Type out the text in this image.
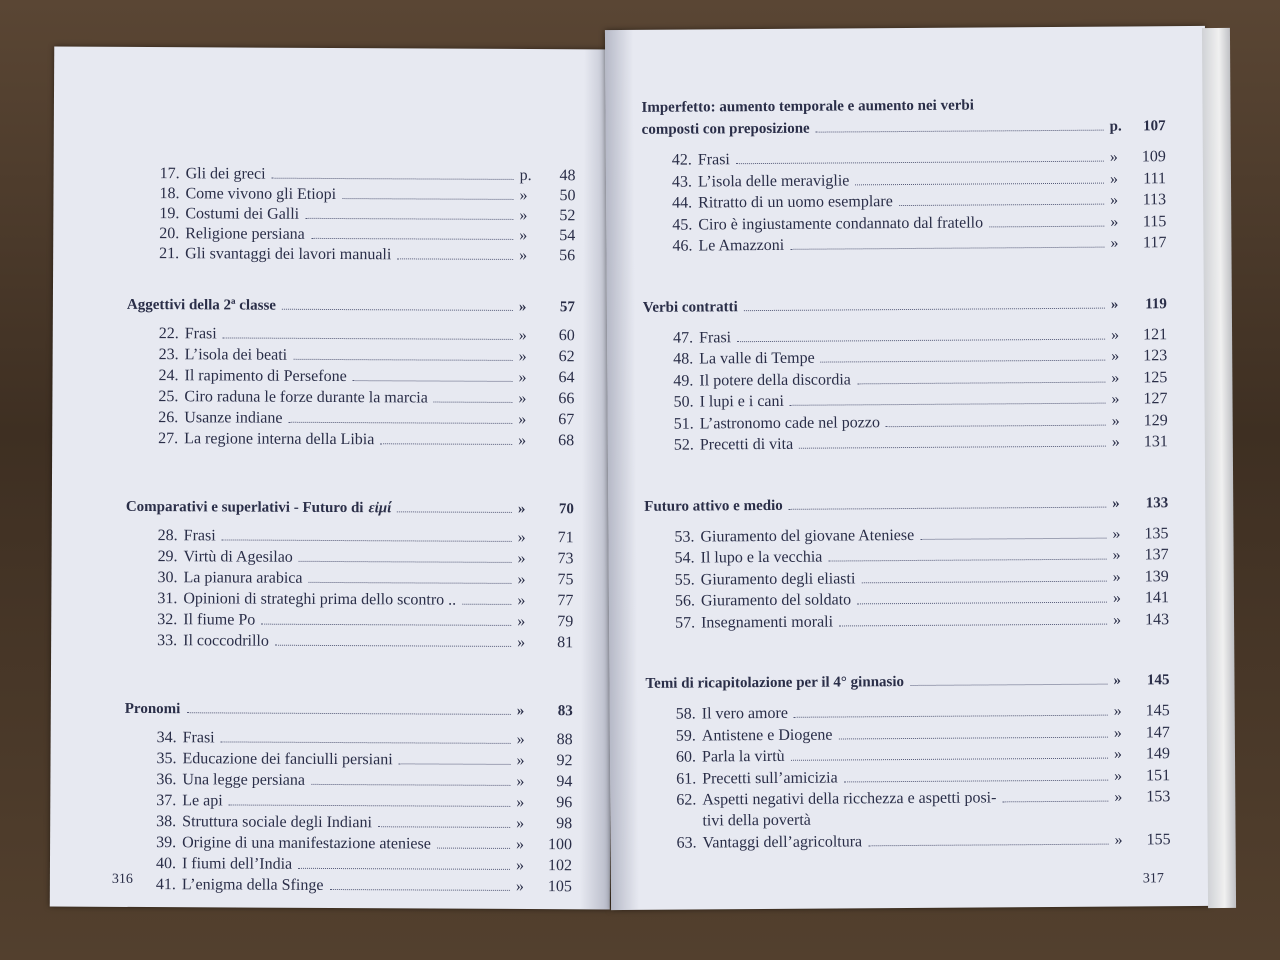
17. Gli dei greci	p.	48
18. Come vivono gli Etiopi	»	50
19. Costumi dei Galli	»	52
20. Religione persiana	»	54
21. Gli svantaggi dei lavori manuali	»	56
Aggettivi della 2ª classe	»	57
22. Frasi	»	60
23. L’isola dei beati	»	62
24. Il rapimento di Persefone	»	64
25. Ciro raduna le forze durante la marcia	»	66
26. Usanze indiane	»	67
27. La regione interna della Libia	»	68
Comparativi e superlativi - Futuro di εἰμί	»	70
28. Frasi	»	71
29. Virtù di Agesilao	»	73
30. La pianura arabica	»	75
31. Opinioni di strateghi prima dello scontro ..	»	77
32. Il fiume Po	»	79
33. Il coccodrillo	»	81
Pronomi	»	83
34. Frasi	»	88
35. Educazione dei fanciulli persiani	»	92
36. Una legge persiana	»	94
37. Le api	»	96
38. Struttura sociale degli Indiani	»	98
39. Origine di una manifestazione ateniese	»	100
40. I fiumi dell’India	»	102
41. L’enigma della Sfinge	»	105
316
Imperfetto: aumento temporale e aumento nei verbi
composti con preposizione	p.	107
42. Frasi	»	109
43. L’isola delle meraviglie	»	111
44. Ritratto di un uomo esemplare	»	113
45. Ciro è ingiustamente condannato dal fratello	»	115
46. Le Amazzoni	»	117
Verbi contratti	»	119
47. Frasi	»	121
48. La valle di Tempe	»	123
49. Il potere della discordia	»	125
50. I lupi e i cani	»	127
51. L’astronomo cade nel pozzo	»	129
52. Precetti di vita	»	131
Futuro attivo e medio	»	133
53. Giuramento del giovane Ateniese	»	135
54. Il lupo e la vecchia	»	137
55. Giuramento degli eliasti	»	139
56. Giuramento del soldato	»	141
57. Insegnamenti morali	»	143
Temi di ricapitolazione per il 4° ginnasio	»	145
58. Il vero amore	»	145
59. Antistene e Diogene	»	147
60. Parla la virtù	»	149
61. Precetti sull’amicizia	»	151
62. Aspetti negativi della ricchezza e aspetti posi-	»	153
tivi della povertà
63. Vantaggi dell’agricoltura	»	155
317
